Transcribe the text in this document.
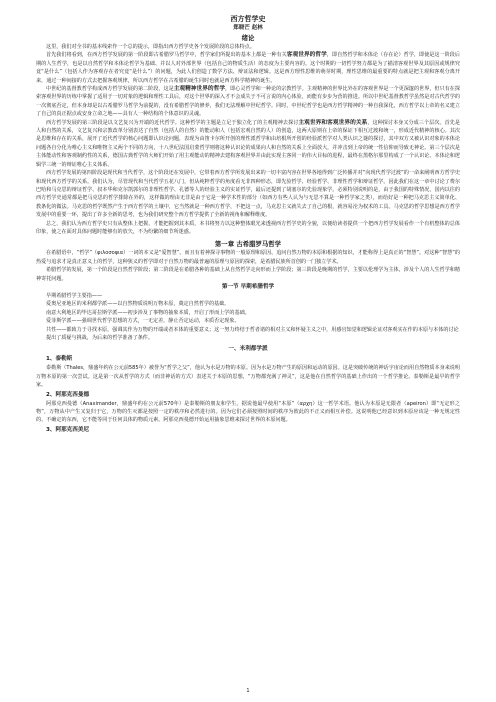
西方哲学史
郑晓芒 赵林
绪论

这里，我们对全书的基本线索作一个总的提示，即指出西方哲学史各个发展阶段的总体特点。

首先我们将看到，在西方哲学发展的第一阶段即古希腊罗马哲学中，哲学家们所提出的基本上都是一种有关客观世界的哲学，即自然哲学和本体论（存在论）哲学，即使是这一阶段后期的人生哲学，也是以自然哲学和本体论哲学为基础、并以人对外部世界（包括自己的物质生活）的态度为主要内容的。这个时期的一切哲学努力都是为了描清客观世界及其原因或规律究竟“是什么”（包括人作为客观存在者究竟“是什么”）的问题，为此人们创造了数学方法、辩证法和逻辑。这是西方理性思维的萌芽时期，理性思维的最重要的特点就是把主观和客观分离开来，通过一种间接的方式去把握客观规律，所以西方哲学在古希腊的诞生同时也就是西方科学精神的诞生。

中世纪的基督教哲学构成西方哲学发展的第二阶段，这是主观精神世界的哲学，即心灵哲学和一种论的宗教哲学。主观精神的世界比外在的客观世界是一个更深邃的世界，但只有在探索客观世界的历练中掌握了适用于一切对象的逻辑和理性工具后，对这个世界的深入才不会成失于不可言说的内心体验，而能有步步为营的推进。所以中世纪基督教哲学虽然是对古代哲学的一次彻底否定，但本身却是以古希腊罗马哲学为前提的，没有希腊哲学的修养，我们无法理解中世纪哲学。同时，中世纪哲学也是西方哲学精神的一种自我深化，西方哲学以上帝的名义建立了自己的真正据点或安身立命之地——具有人一种结构的个体意识的灵魂。

西方哲学发展的第三阶段是以文艺复兴为开端的近代哲学。这种哲学的主题是立足于独立化了的主观精神去探讨主观世界和客观世界的关系，这种探讨本身又分成三个层次。首先是人和自然的关系，文艺复兴和宗教改革分别表达了自然（包括人的自然）的能动和人（包括宏观自然的人）的创造，这两大原则在上帝的保证下相互过渡和统一，形成近代精神的核心。其次是思维和存在的关系，展开了近代哲学的核心问题即认识论问题，表现为由笛卡尔所开创的理性派哲学和由培根所开创的经验派哲学对人类认识之谜的探讨，其中双方又被认识对象的本体论问题各自分化为唯心主义和唯物主义两个不同的方向，十八世纪法国启蒙哲学则将这种认识论的成果向人和自然的关系上全面放大，并冲击到上帝的统一性信仰而导致无神论。第三个层次是主体能动性和客观制约性的关系，德国古典哲学的大师们开始了用主观能动的精神去建构客观世界并由此实现主客同一的伟大目标的进程，最终在黑格尔那里构成了一个认识论、本体论和逻辑学三统一的辩证唯心主义体系。

西方哲学发展的第四阶段是现代和当代哲学，这个阶段还在发展中，它带着西方哲学所发展出来的一切丰富内容在世界各地得到广泛传播并对“向现代哲学过渡”的一命来阐明西方哲学史和现代西方哲学的关系。我们认为，尽管现代和当代哲学五花八门，但从纯粹哲学的角度看无非四种形态，即先验哲学、经验哲学、非理性哲学和辩证哲学。因此我们在这一章中讨论了费尔巴哈和马克思的辩证哲学、叔本华和克尔凯郭尔的非理性哲学、孔德等人的经验主义的实证哲学，最后还提到了胡塞尔的先验现象学。必须特别说明的是，由于我国的特殊情况，国内以往的西方哲学史通常都是把马克思的哲学排除在外的，这样做的理由无非是由于它是一种学术性的部分（如西方有些人认为与无思不算是一种哲学家之类），而给好是一种把马克思主义简单化、教条化的做法。马克思的哲学既然产生于西方哲学的土壤中，它当然就是一种西方哲学，不把这一点，马克思主义就失去了自己的根，就容易沦为权术的工具。马克思的哲学思想是西方哲学发展中的重要一环，提出了许多全新的思考，也为我们研究整个西方哲学提供了全新的视角和解释维度。

总之，我们认为西方哲学史只有从整体上把握，才能把握到其本质，本书将努力以这种整体眼光来透视西方哲学史的全貌，以便给读者提供一个把西方哲学发展看作一个有机整体的总体印象，使之在面对具体问题时能够有的放矢，不为纷繁的细节所迷惑。

第一章 古希腊罗马哲学

在希腊语中，“哲学”（φιλοσοφια）一词的本义是“爱智慧”。而且有着神探寻事物的一般原理和原因、追问自然万物的本原和根据的知识，才能称得上是真正的“智慧”。对这种“智慧”的热爱与追求才是真正意义上的哲学，这种狭义的哲学即对于自然万物的最普遍的原理与原因的探索，是希腊民族所首创的一门独立学术。

希腊哲学的发展，第一个阶段是自然哲学阶段；第二阶段是在希腊各种的基础上从自然哲学走向形而上学阶段；第三阶段是晚期的哲学，主要以伦理学为主体，涉及个人的人生哲学和精神寄托问题。

第一节 早期希腊哲学

早期希腊哲学主要指——

爱奥尼亚地区的米利都学派——以自然物质说明万物本原，奠定自然哲学的基础。

南意大利地区的毕达哥拉斯学派——初步涉及了事物的抽象本质，开启了形而上学的基础。

爱菲斯学派——强调世代哲学思想的方式，一无定差，静止否定运动，本质否定现象。

共性——都致力于寻找本原，强调其作为万物的开端或者本体的重要意义；这一努力终结于哲者诸的相对主义和怀疑主义之中，用感官知觉和逻辑论证对客观实在作的本原与本体的讨论提出了质疑与挑战，为后来的哲学准备了条件。

一、米利都学派
1、泰勒斯

泰勒斯（Thales，鼎盛年约在公元前585年）被誉为“哲学之父”，他认为水是万物的本原。因为水是万物产生的原因和运动的原因。这是突破传统的神话宇宙论而用自然物质本身来说明万物本原的第一次尝试。这是第一次从哲学的方式（而非神话的方式）表述关于本原的思想，“万物都充满了神灵”，这是他在自然哲学的基础上作出的一个哲学推论。泰勒斯是最早的哲学家。

2、阿那克西曼德

阿那克西曼德（Anaximander，鼎盛年约在公元前570年）是泰勒斯的朋友和学生。据说他最早使用“本原”（αρχη）这一哲学术语。他认为本原是无限者（apeiron）即“无定形之物”，万物从中产生又复归于它，万物的生灭都是按照一定的秩序和必然进行的。因为它们必须按照时间的秩序为彼此的不正义而相互补偿。这说明他已经意识到本原应该是一种无规定性的、不确定的东西，它不能等同于任何具体的物质元素。阿那克西曼德开始运用抽象思维来探讨世界的本原问题。

3、阿那克西美尼
1
